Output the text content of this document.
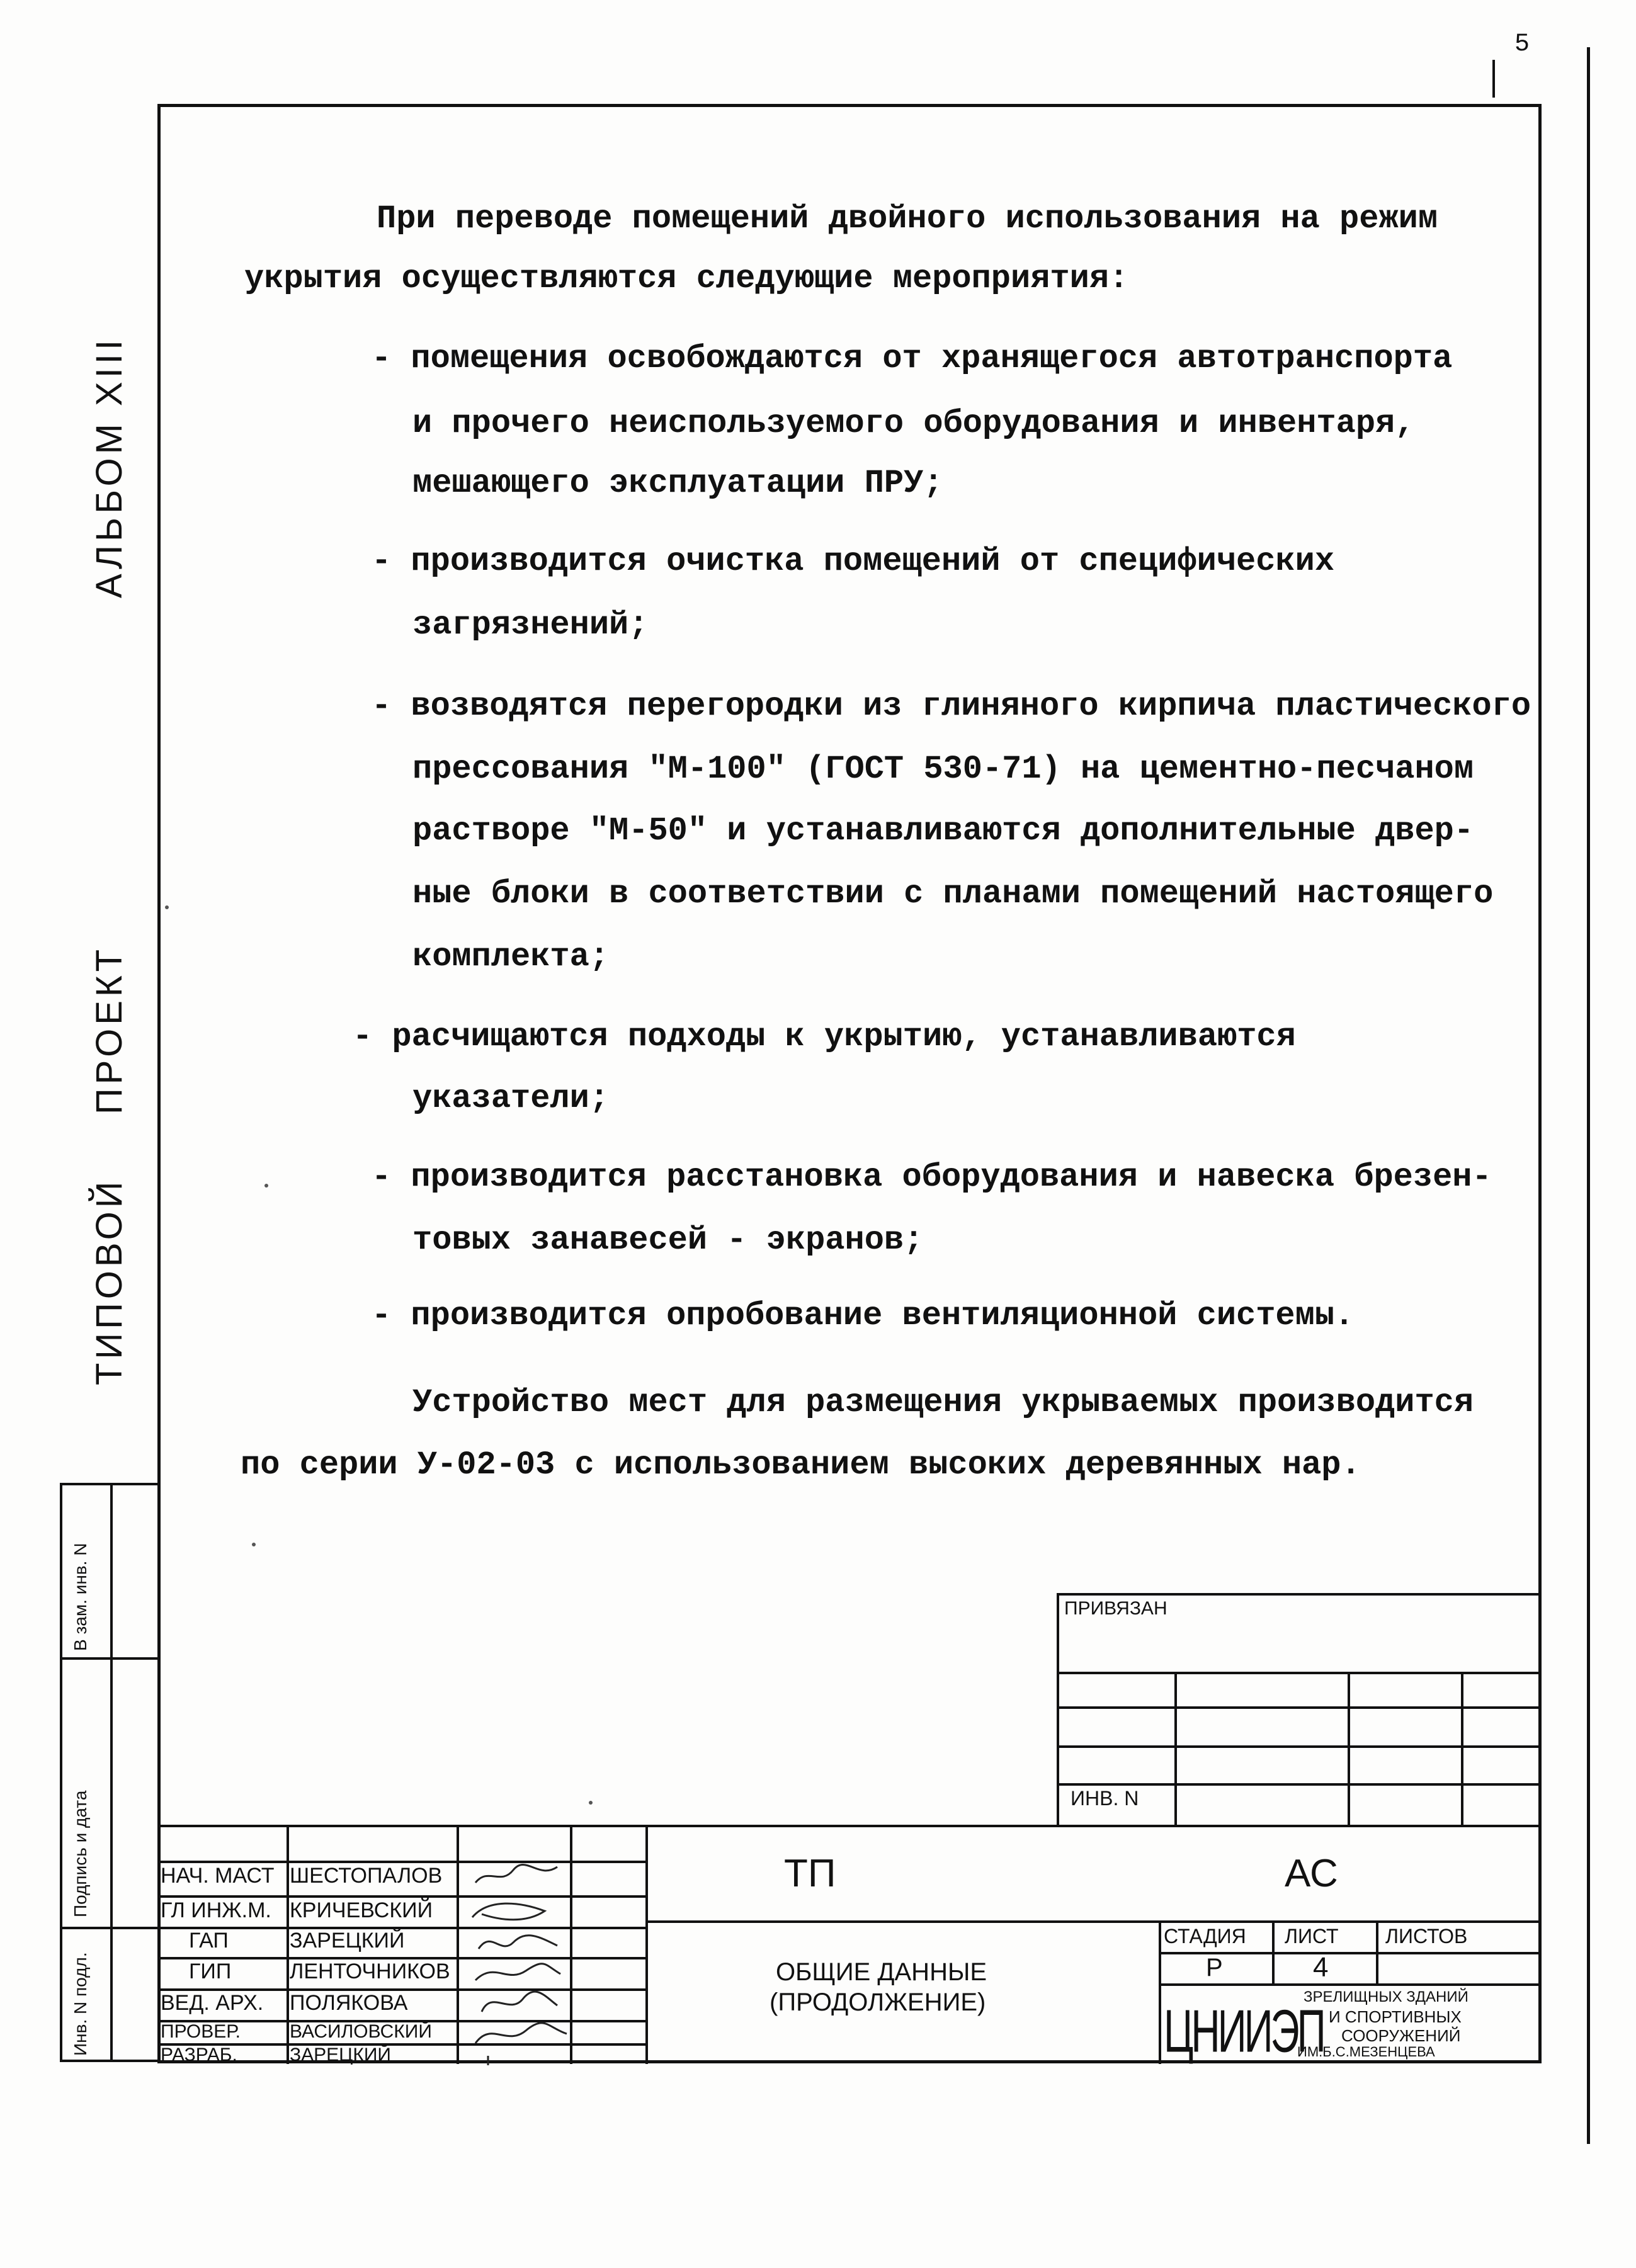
5
ТИПОВОЙ
ПРОЕКТ
АЛЬБОМ XIII
Инв. N подл.
Подпись и дата
В зам. инв. N
При переводе помещений двойного использования на режим
укрытия осуществляются следующие мероприятия:
- помещения освобождаются от хранящегося автотранспорта
и прочего неиспользуемого оборудования и инвентаря,
мешающего эксплуатации ПРУ;
- производится очистка помещений от специфических
загрязнений;
- возводятся перегородки из глиняного кирпича пластического
прессования "М-100" (ГОСТ 530-71) на цементно-песчаном
растворе "М-50" и устанавливаются дополнительные двер-
ные блоки в соответствии с планами помещений настоящего
комплекта;
- расчищаются подходы к укрытию, устанавливаются
указатели;
- производится расстановка оборудования и навеска брезен-
товых занавесей - экранов;
- производится опробование вентиляционной системы.
Устройство мест для размещения укрываемых производится
по серии У-02-03 с использованием высоких деревянных нар.
ПРИВЯЗАН
ИНВ. N
НАЧ. МАСТ ШЕСТОПАЛОВ
ГЛ ИНЖ.М. КРИЧЕВСКИЙ
ГАП	ЗАРЕЦКИЙ
ГИП	ЛЕНТОЧНИКОВ
ВЕД. АРХ. ПОЛЯКОВА
ПРОВЕР.	ВАСИЛОВСКИЙ
РАЗРАБ.	ЗАРЕЦКИЙ
ТП	АС
ОБЩИЕ ДАННЫЕ
(ПРОДОЛЖЕНИЕ)
СТАДИЯ ЛИСТ ЛИСТОВ
Р	4
ЦНИИЭП
ЗРЕЛИЩНЫХ ЗДАНИЙ
И СПОРТИВНЫХ
СООРУЖЕНИЙ
ИМ.Б.С.МЕЗЕНЦЕВА
